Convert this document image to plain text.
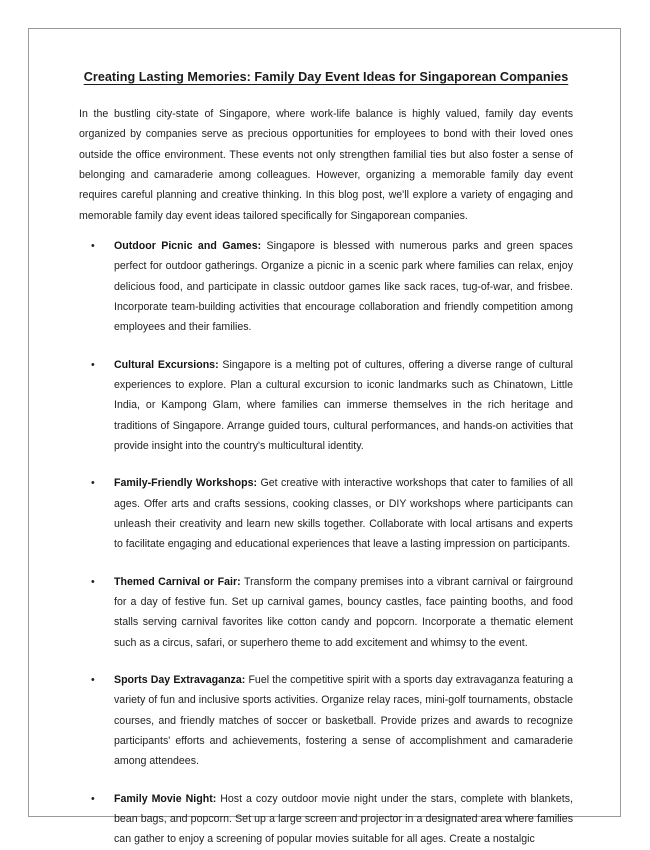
Creating Lasting Memories: Family Day Event Ideas for Singaporean Companies

In the bustling city-state of Singapore, where work-life balance is highly valued, family day events organized by companies serve as precious opportunities for employees to bond with their loved ones outside the office environment. These events not only strengthen familial ties but also foster a sense of belonging and camaraderie among colleagues. However, organizing a memorable family day event requires careful planning and creative thinking. In this blog post, we'll explore a variety of engaging and memorable family day event ideas tailored specifically for Singaporean companies.

• Outdoor Picnic and Games: Singapore is blessed with numerous parks and green spaces perfect for outdoor gatherings. Organize a picnic in a scenic park where families can relax, enjoy delicious food, and participate in classic outdoor games like sack races, tug-of-war, and frisbee. Incorporate team-building activities that encourage collaboration and friendly competition among employees and their families.
• Cultural Excursions: Singapore is a melting pot of cultures, offering a diverse range of cultural experiences to explore. Plan a cultural excursion to iconic landmarks such as Chinatown, Little India, or Kampong Glam, where families can immerse themselves in the rich heritage and traditions of Singapore. Arrange guided tours, cultural performances, and hands-on activities that provide insight into the country's multicultural identity.
• Family-Friendly Workshops: Get creative with interactive workshops that cater to families of all ages. Offer arts and crafts sessions, cooking classes, or DIY workshops where participants can unleash their creativity and learn new skills together. Collaborate with local artisans and experts to facilitate engaging and educational experiences that leave a lasting impression on participants.
• Themed Carnival or Fair: Transform the company premises into a vibrant carnival or fairground for a day of festive fun. Set up carnival games, bouncy castles, face painting booths, and food stalls serving carnival favorites like cotton candy and popcorn. Incorporate a thematic element such as a circus, safari, or superhero theme to add excitement and whimsy to the event.
• Sports Day Extravaganza: Fuel the competitive spirit with a sports day extravaganza featuring a variety of fun and inclusive sports activities. Organize relay races, mini-golf tournaments, obstacle courses, and friendly matches of soccer or basketball. Provide prizes and awards to recognize participants' efforts and achievements, fostering a sense of accomplishment and camaraderie among attendees.
• Family Movie Night: Host a cozy outdoor movie night under the stars, complete with blankets, bean bags, and popcorn. Set up a large screen and projector in a designated area where families can gather to enjoy a screening of popular movies suitable for all ages. Create a nostalgic
